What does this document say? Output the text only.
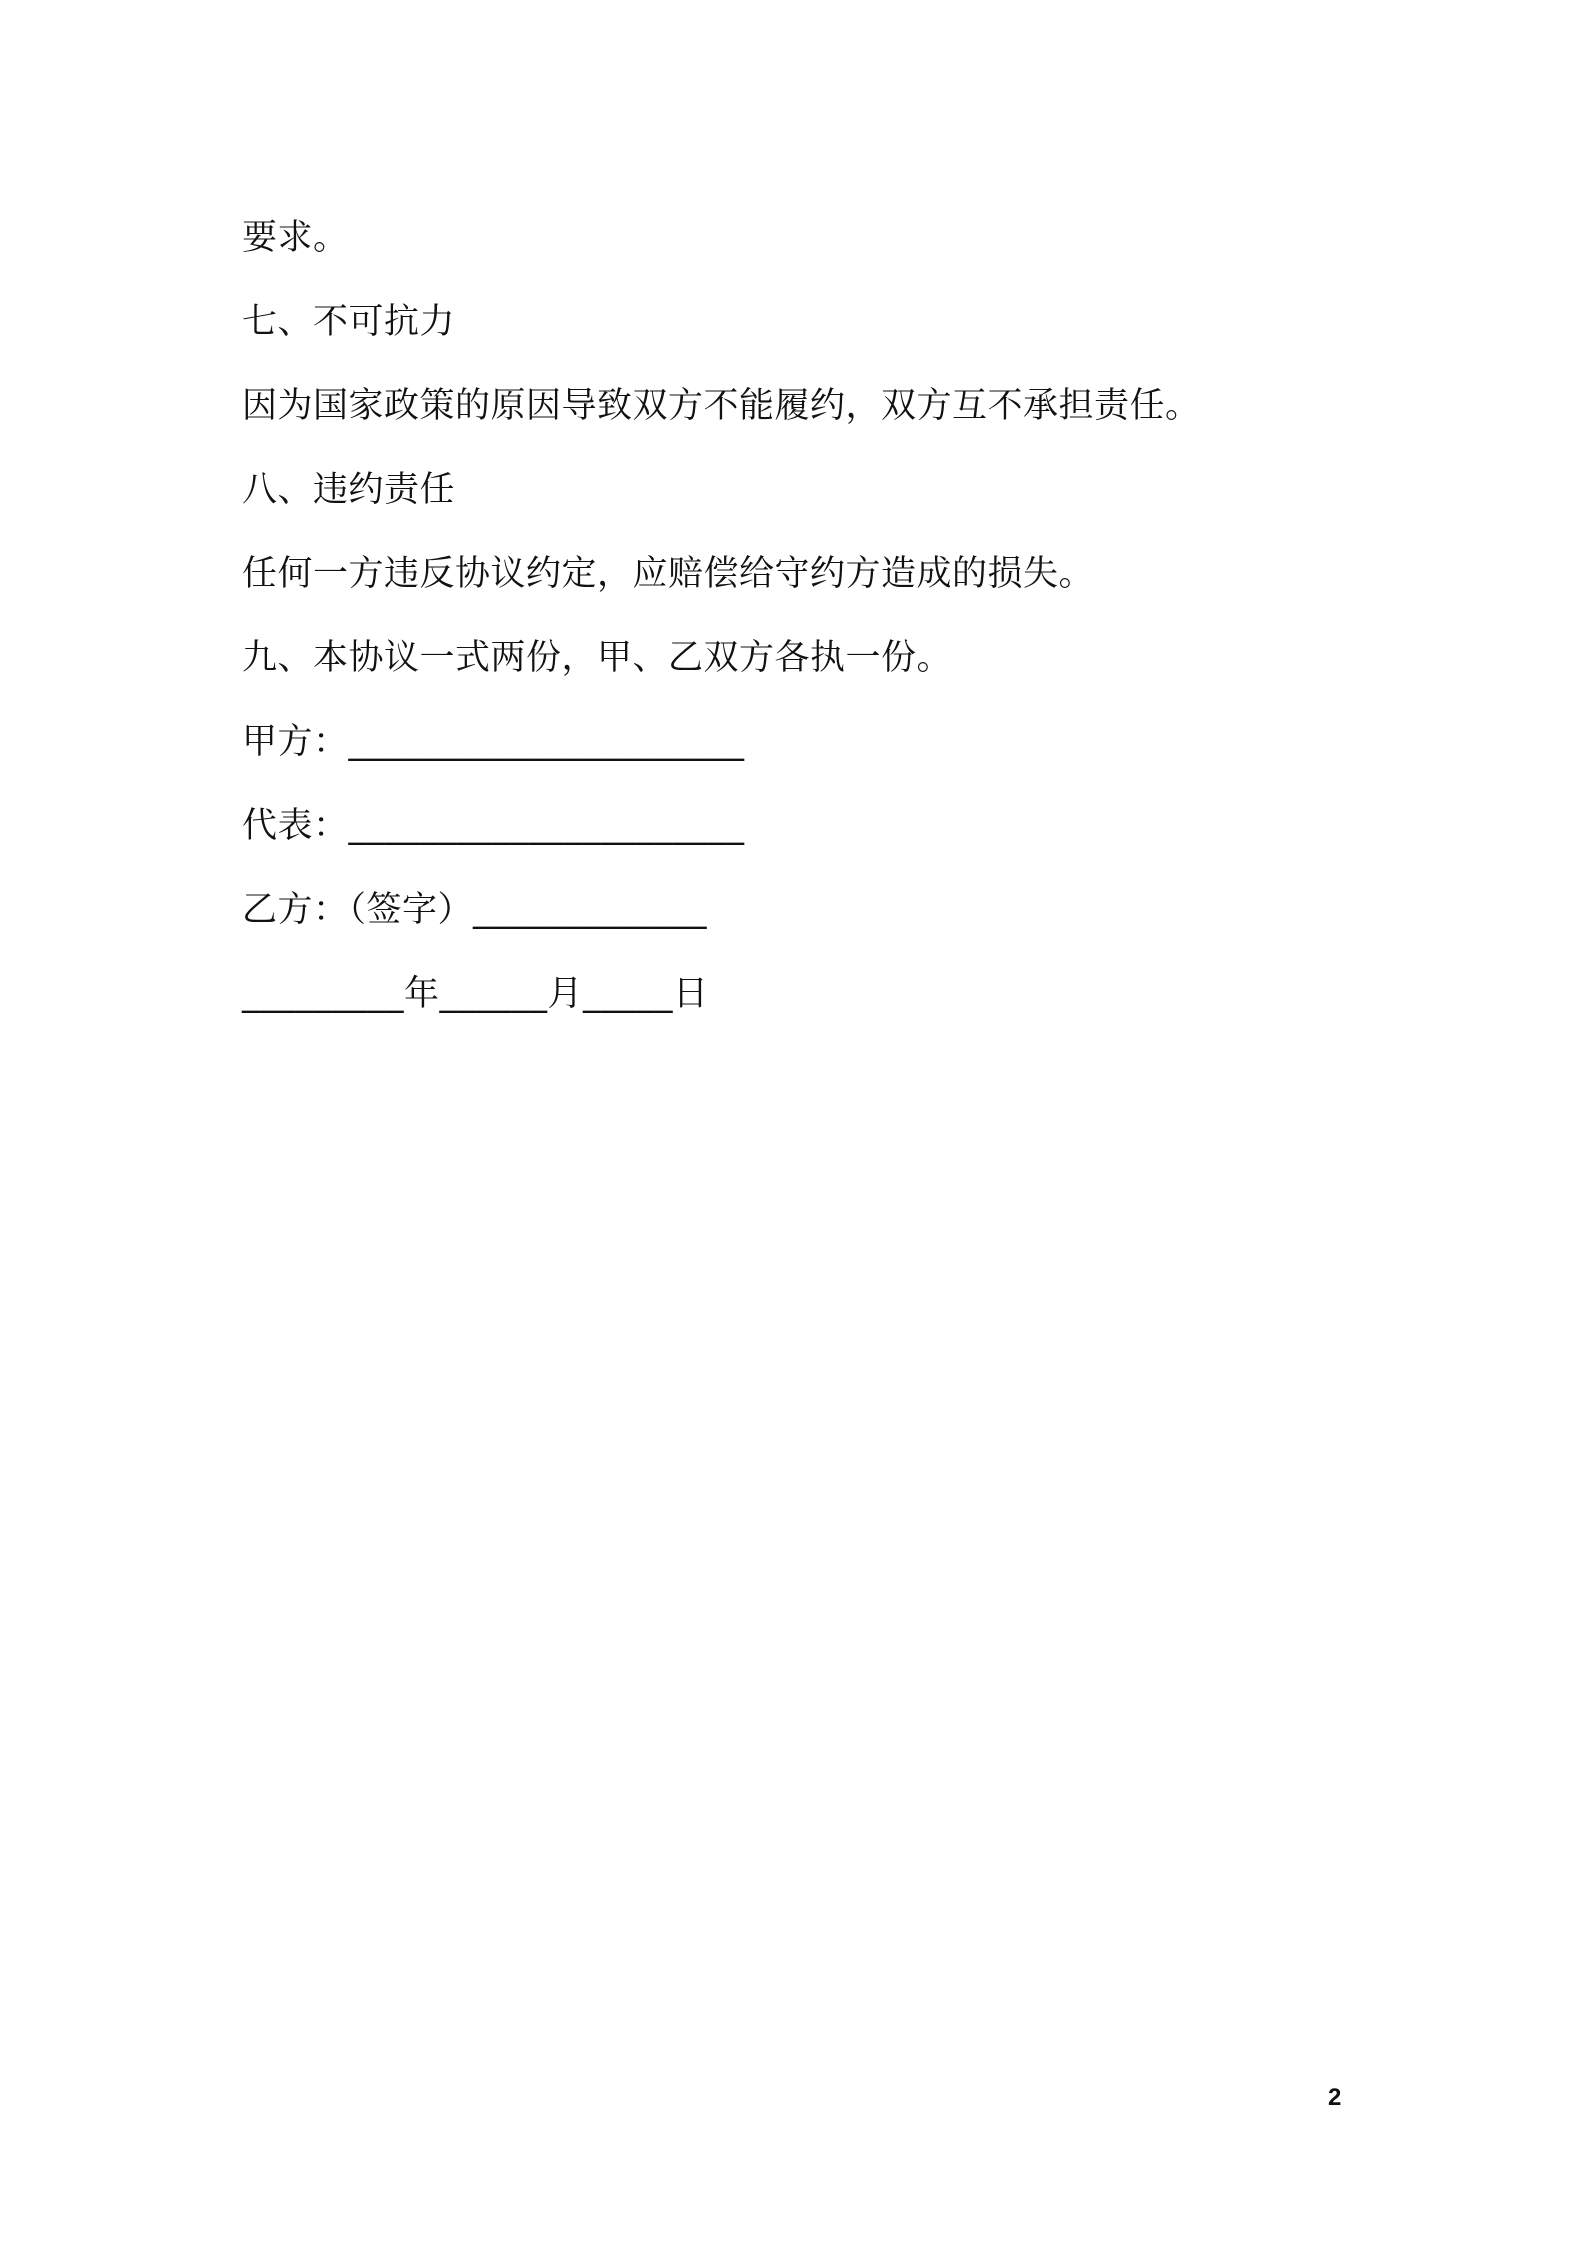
要求。
七、不可抗力
因为国家政策的原因导致双方不能履约，双方互不承担责任。
八、违约责任
任何一方违反协议约定，应赔偿给守约方造成的损失。
九、本协议一式两份，甲、乙双方各执一份。
甲方：______________________
代表：______________________
乙方：（签字）_____________
_________年______月_____日
2
